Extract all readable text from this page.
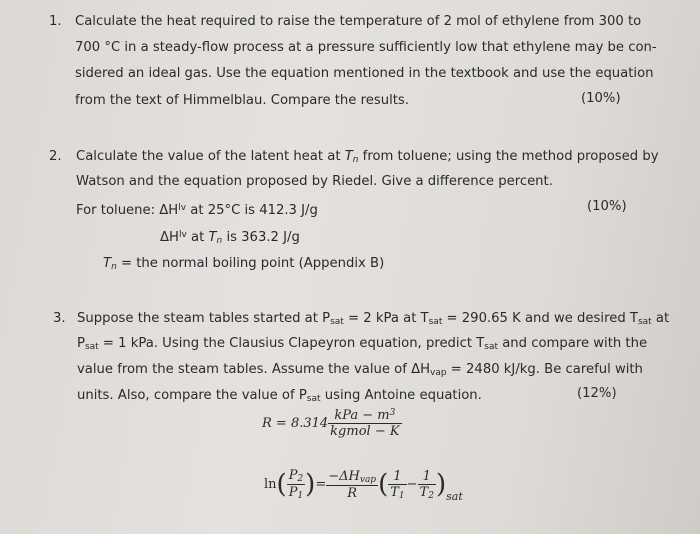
1. Calculate the heat required to raise the temperature of 2 mol of ethylene from 300 to
700 °C in a steady-flow process at a pressure sufficiently low that ethylene may be con-
sidered an ideal gas. Use the equation mentioned in the textbook and use the equation
from the text of Himmelblau. Compare the results.	(10%)
2. Calculate the value of the latent heat at $T_n$ from toluene; using the method proposed by
Watson and the equation proposed by Riedel. Give a difference percent.
For toluene: $\Delta H^{lv}$ at 25°C is 412.3 J/g	(10%)
$\Delta H^{lv}$ at $T_n$ is 363.2 J/g
$T_n$ = the normal boiling point (Appendix B)
3. Suppose the steam tables started at $P_{sat} = 2$ kPa at $T_{sat} = 290.65$ K and we desired $T_{sat}$ at
$P_{sat} = 1$ kPa. Using the Clausius Clapeyron equation, predict $T_{sat}$ and compare with the
value from the steam tables. Assume the value of $\Delta H_{vap} = 2480$ kJ/kg. Be careful with
units. Also, compare the value of $P_{sat}$ using Antoine equation.	(12%)
$R = 8.314 \frac{kPa - m^3}{\text{kgmol − K}}$
$\ln( \frac{P_2}{P_1}$ )= $\frac{-\Delta H_{vap}}{R}$ ( $\frac{1}{T_1} - \frac{1}{T_2} )_{sat}$
